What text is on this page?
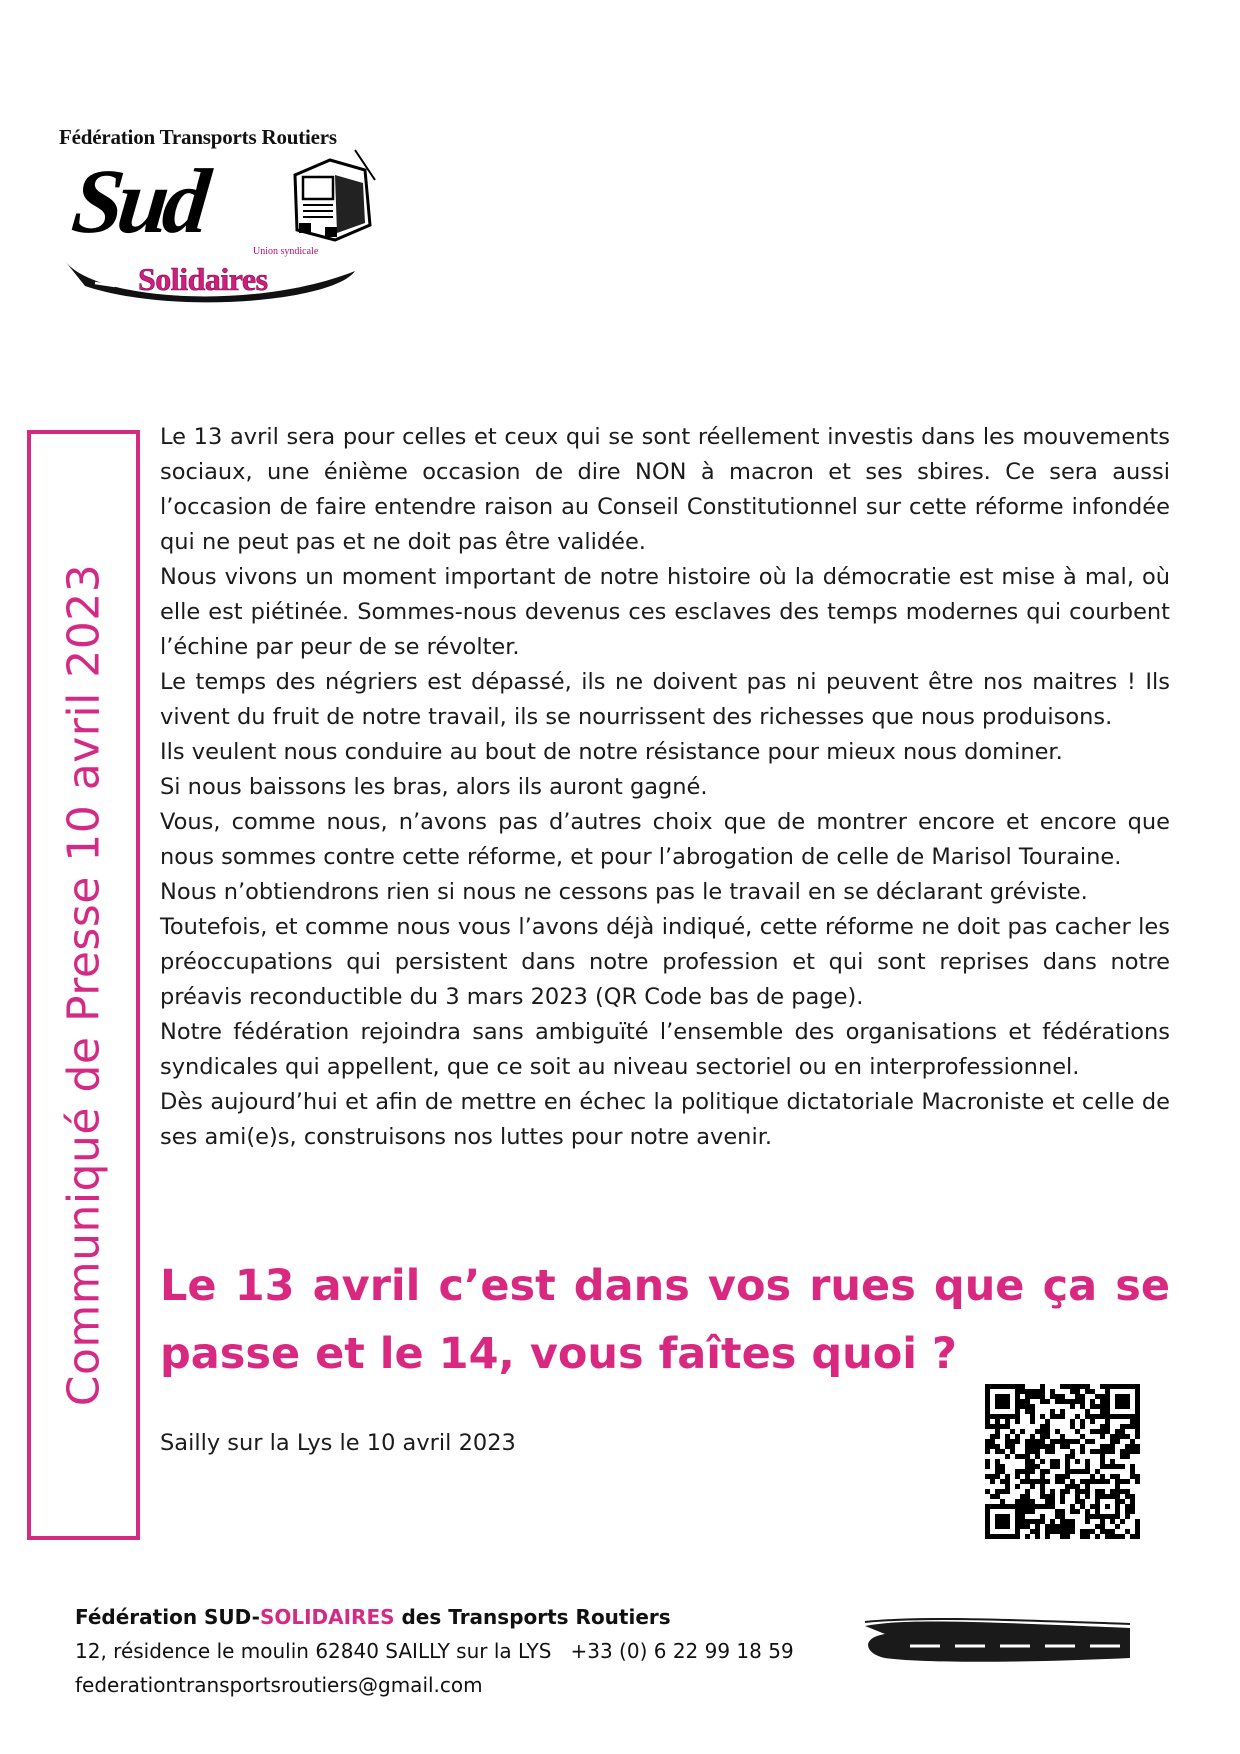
Fédération Transports Routiers
Sud	Union syndicale
Solidaires
Communiqué de Presse 10 avril 2023

Le 13 avril sera pour celles et ceux qui se sont réellement investis dans les mouvements sociaux, une énième occasion de dire NON à macron et ses sbires. Ce sera aussi l’occasion de faire entendre raison au Conseil Constitutionnel sur cette réforme infondée qui ne peut pas et ne doit pas être validée.

Nous vivons un moment important de notre histoire où la démocratie est mise à mal, où elle est piétinée. Sommes-nous devenus ces esclaves des temps modernes qui courbent l’échine par peur de se révolter.

Le temps des négriers est dépassé, ils ne doivent pas ni peuvent être nos maitres ! Ils vivent du fruit de notre travail, ils se nourrissent des richesses que nous produisons.

Ils veulent nous conduire au bout de notre résistance pour mieux nous dominer.

Si nous baissons les bras, alors ils auront gagné.

Vous, comme nous, n’avons pas d’autres choix que de montrer encore et encore que nous sommes contre cette réforme, et pour l’abrogation de celle de Marisol Touraine.

Nous n’obtiendrons rien si nous ne cessons pas le travail en se déclarant gréviste.

Toutefois, et comme nous vous l’avons déjà indiqué, cette réforme ne doit pas cacher les préoccupations qui persistent dans notre profession et qui sont reprises dans notre préavis reconductible du 3 mars 2023 (QR Code bas de page).

Notre fédération rejoindra sans ambiguïté l’ensemble des organisations et fédérations syndicales qui appellent, que ce soit au niveau sectoriel ou en interprofessionnel.

Dès aujourd’hui et afin de mettre en échec la politique dictatoriale Macroniste et celle de ses ami(e)s, construisons nos luttes pour notre avenir.

Le 13 avril c’est dans vos rues que ça se passe et le 14, vous faîtes quoi ?

Sailly sur la Lys le 10 avril 2023
Fédération SUD-SOLIDAIRES des Transports Routiers
12, résidence le moulin 62840 SAILLY sur la LYS +33 (0) 6 22 99 18 59
federationtransportsroutiers@gmail.com
